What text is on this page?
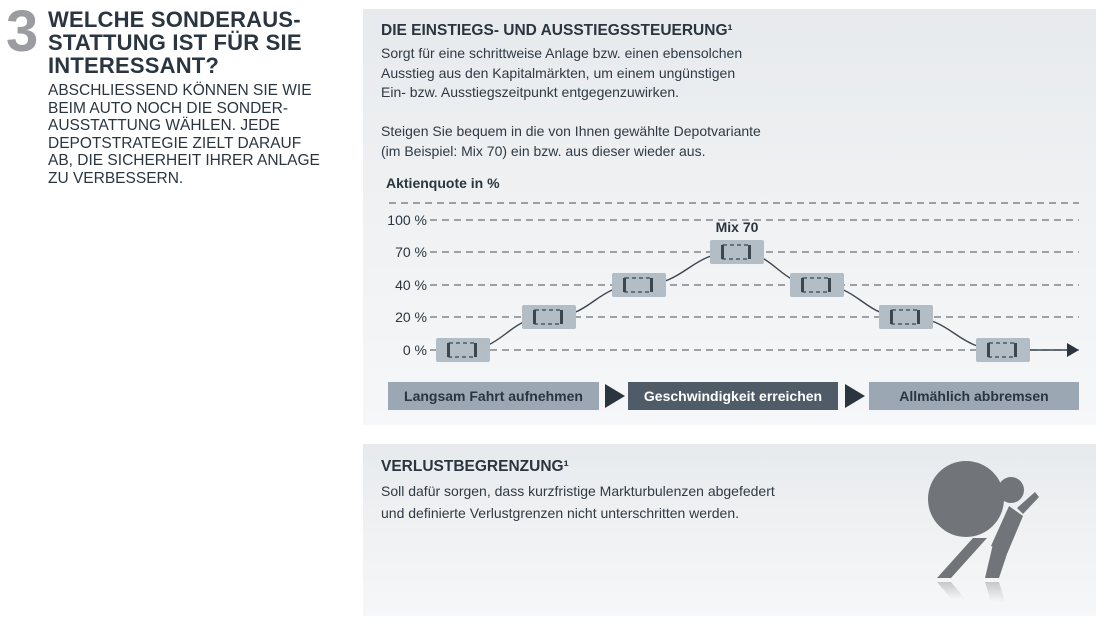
3 WELCHE SONDERAUS-
STATTUNG IST FÜR SIE
INTERESSANT?
ABSCHLIESSEND KÖNNEN SIE WIE
BEIM AUTO NOCH DIE SONDER-
AUSSTATTUNG WÄHLEN. JEDE
DEPOTSTRATEGIE ZIELT DARAUF
AB, DIE SICHERHEIT IHRER ANLAGE
ZU VERBESSERN.
DIE EINSTIEGS- UND AUSSTIEGSSTEUERUNG¹
Sorgt für eine schrittweise Anlage bzw. einen ebensolchen
Ausstieg aus den Kapitalmärkten, um einem ungünstigen
Ein- bzw. Ausstiegszeitpunkt entgegenzuwirken.
Steigen Sie bequem in die von Ihnen gewählte Depotvariante
(im Beispiel: Mix 70) ein bzw. aus dieser wieder aus.
Aktienquote in %
0 %
20 %
40 %
70 %
100 %	Mix 70
Langsam Fahrt aufnehmen	Geschwindigkeit erreichen	Allmählich abbremsen
VERLUSTBEGRENZUNG¹
Soll dafür sorgen, dass kurzfristige Markturbulenzen abgefedert
und definierte Verlustgrenzen nicht unterschritten werden.
